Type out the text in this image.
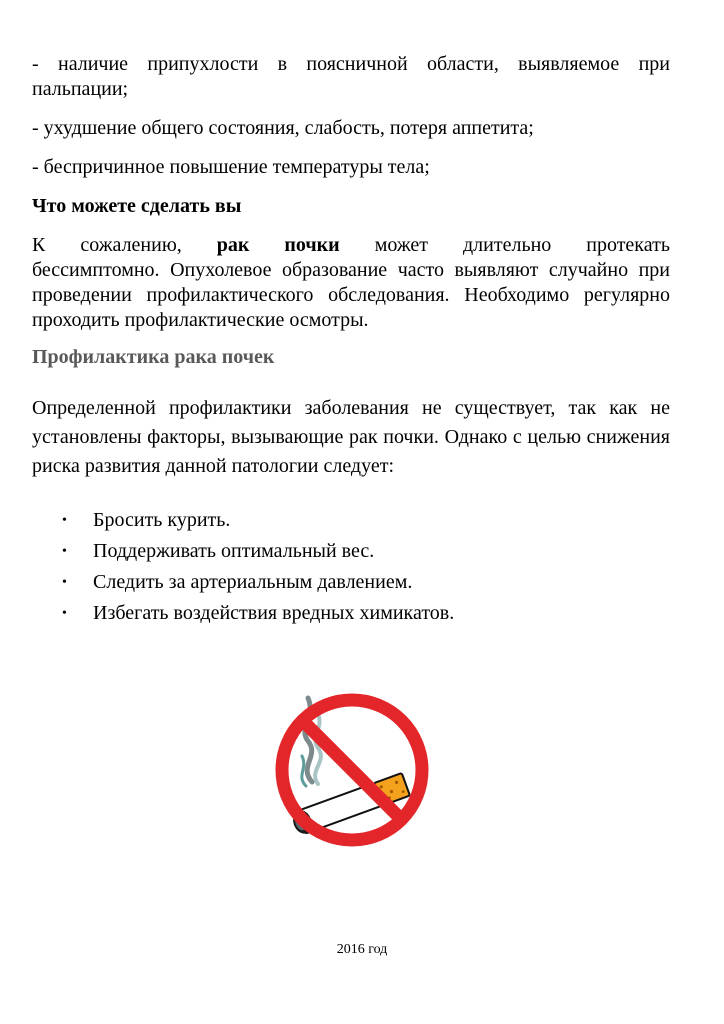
- наличие припухлости в поясничной области, выявляемое при пальпации;

- ухудшение общего состояния, слабость, потеря аппетита;

- беспричинное повышение температуры тела;

Что можете сделать вы
К сожалению, рак почки может длительно протекать
бессимптомно. Опухолевое образование часто выявляют случайно при проведении профилактического обследования. Необходимо регулярно проходить профилактические осмотры.
Профилактика рака почек

Определенной профилактики заболевания не существует, так как не установлены факторы, вызывающие рак почки. Однако с целью снижения риска развития данной патологии следует:

• Бросить курить.
• Поддерживать оптимальный вес.
• Следить за артериальным давлением.
• Избегать воздействия вредных химикатов.
2016 год
